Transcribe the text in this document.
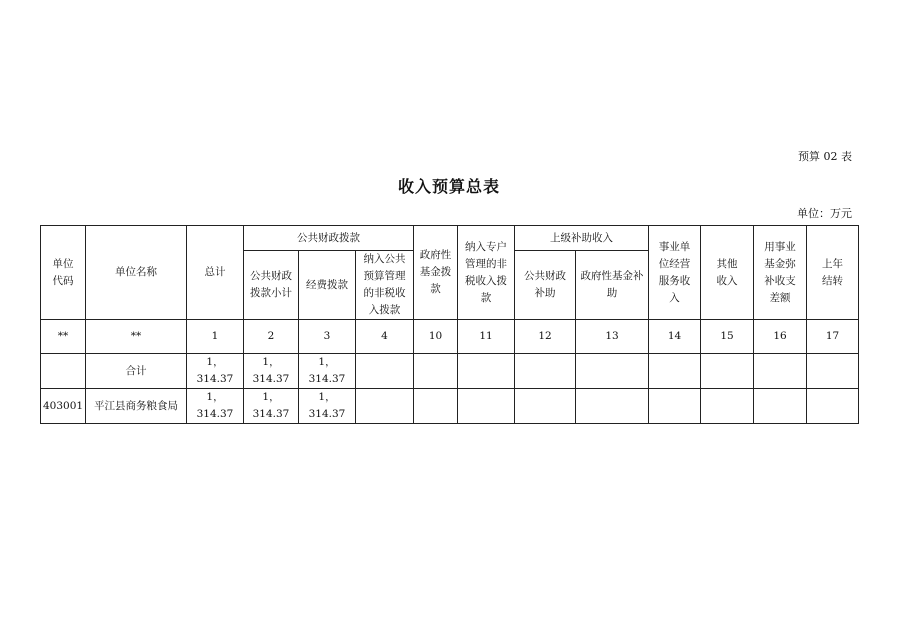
预算 02 表
收入预算总表
单位：万元
单位代码	单位名称	总计	公共财政拨款			政府性基金拨款	纳入专户管理的非税收入拨款	上级补助收入		事业单位经营服务收入	其他收入	用事业基金弥补收支差额	上年结转
			公共财政拨款小计	经费拨款	纳入公共预算管理的非税收入拨款								
								公共财政补助	政府性基金补助				
**	**	1	2	3	4	10	11	12	13	14	15	16	17
	合计	1，314.37	1，314.37	1，314.37									
403001	平江县商务粮食局	1，314.37	1，314.37	1，314.37									
